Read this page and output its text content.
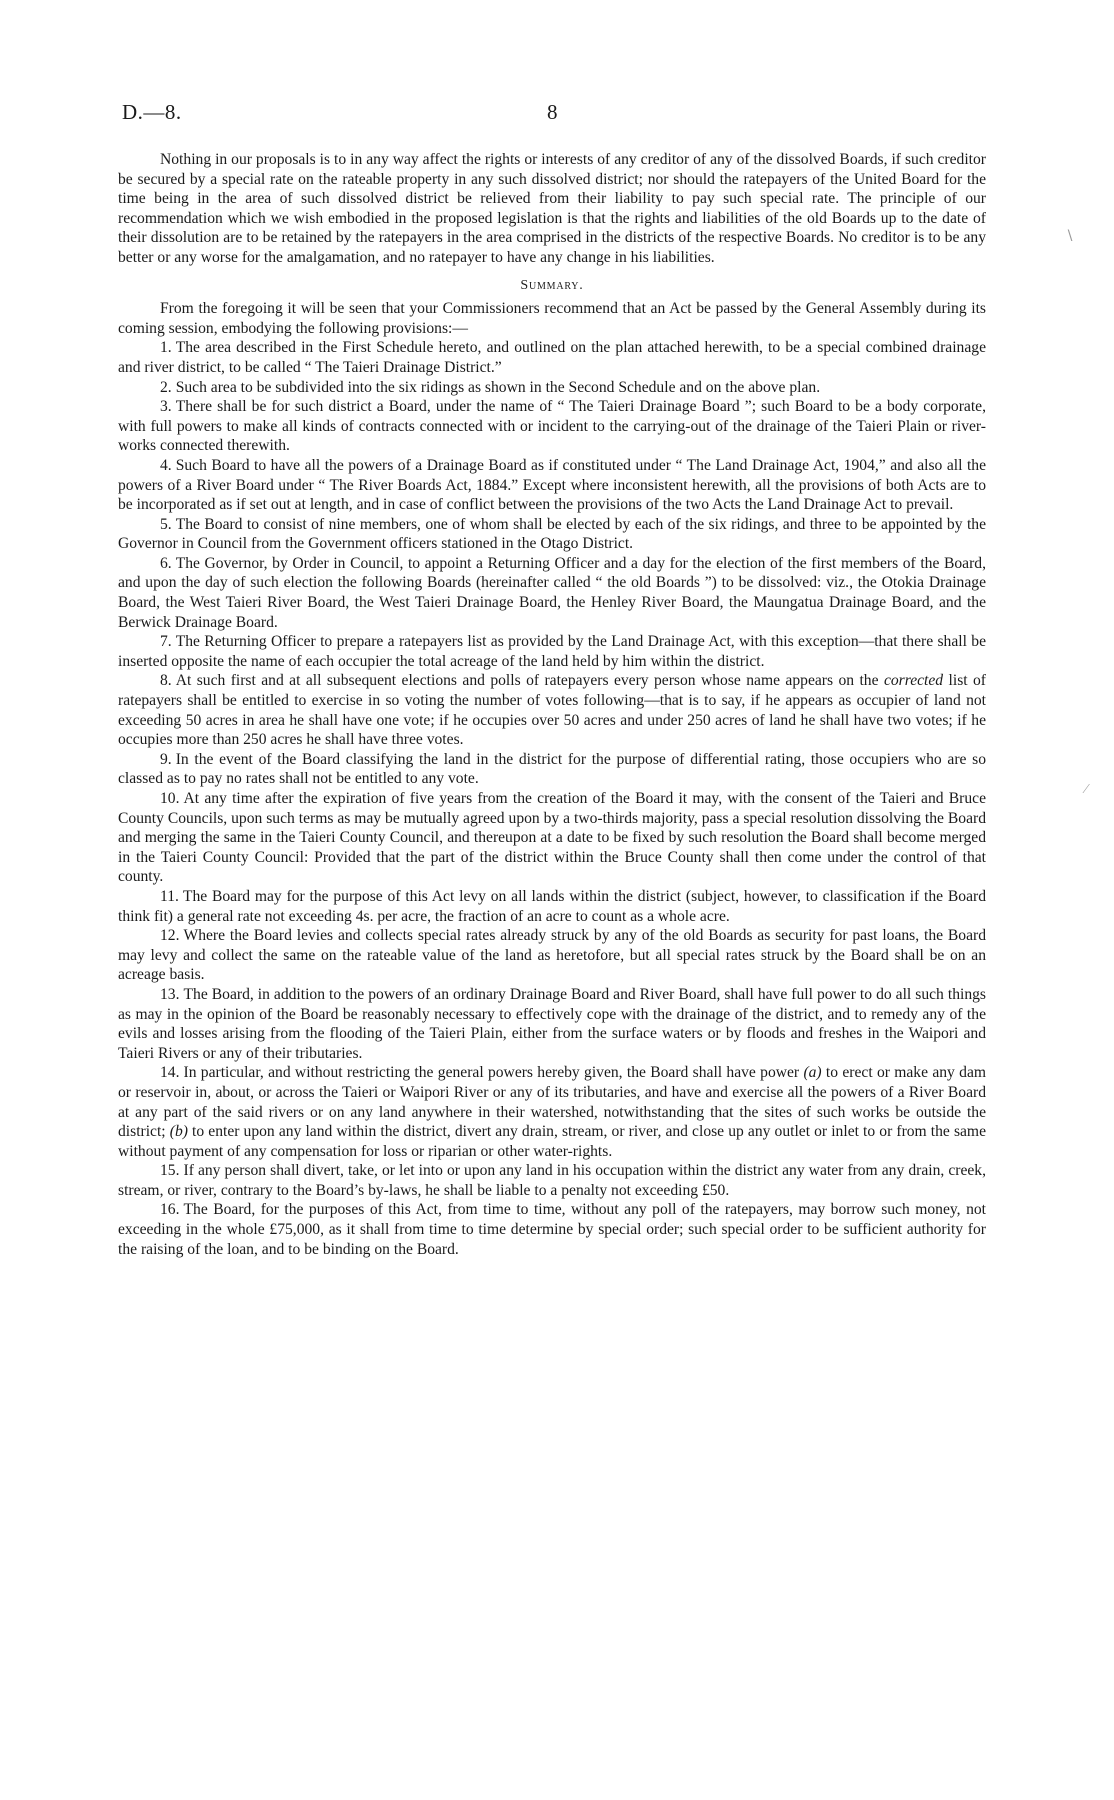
D.—8.	8
∖
⁄

Nothing in our proposals is to in any way affect the rights or interests of any creditor of any of the dissolved Boards, if such creditor be secured by a special rate on the rateable property in any such dissolved district; nor should the ratepayers of the United Board for the time being in the area of such dissolved district be relieved from their liability to pay such special rate. The principle of our recommendation which we wish embodied in the proposed legislation is that the rights and liabilities of the old Boards up to the date of their dissolution are to be retained by the ratepayers in the area comprised in the districts of the respective Boards. No creditor is to be any better or any worse for the amalgamation, and no ratepayer to have any change in his liabilities.

Summary.

From the foregoing it will be seen that your Commissioners recommend that an Act be passed by the General Assembly during its coming session, embodying the following provisions:—

1. The area described in the First Schedule hereto, and outlined on the plan attached herewith, to be a special combined drainage and river district, to be called “ The Taieri Drainage District.”

2. Such area to be subdivided into the six ridings as shown in the Second Schedule and on the above plan.

3. There shall be for such district a Board, under the name of “ The Taieri Drainage Board ”; such Board to be a body corporate, with full powers to make all kinds of contracts connected with or incident to the carrying-out of the drainage of the Taieri Plain or river-works connected therewith.

4. Such Board to have all the powers of a Drainage Board as if constituted under “ The Land Drainage Act, 1904,” and also all the powers of a River Board under “ The River Boards Act, 1884.” Except where inconsistent herewith, all the provisions of both Acts are to be incorporated as if set out at length, and in case of conflict between the provisions of the two Acts the Land Drainage Act to prevail.

5. The Board to consist of nine members, one of whom shall be elected by each of the six ridings, and three to be appointed by the Governor in Council from the Government officers stationed in the Otago District.

6. The Governor, by Order in Council, to appoint a Returning Officer and a day for the election of the first members of the Board, and upon the day of such election the following Boards (hereinafter called “ the old Boards ”) to be dissolved: viz., the Otokia Drainage Board, the West Taieri River Board, the West Taieri Drainage Board, the Henley River Board, the Maungatua Drainage Board, and the Berwick Drainage Board.

7. The Returning Officer to prepare a ratepayers list as provided by the Land Drainage Act, with this exception—that there shall be inserted opposite the name of each occupier the total acreage of the land held by him within the district.

8. At such first and at all subsequent elections and polls of ratepayers every person whose name appears on the corrected list of ratepayers shall be entitled to exercise in so voting the number of votes following—that is to say, if he appears as occupier of land not exceeding 50 acres in area he shall have one vote; if he occupies over 50 acres and under 250 acres of land he shall have two votes; if he occupies more than 250 acres he shall have three votes.

9. In the event of the Board classifying the land in the district for the purpose of differential rating, those occupiers who are so classed as to pay no rates shall not be entitled to any vote.

10. At any time after the expiration of five years from the creation of the Board it may, with the consent of the Taieri and Bruce County Councils, upon such terms as may be mutually agreed upon by a two-thirds majority, pass a special resolution dissolving the Board and merging the same in the Taieri County Council, and thereupon at a date to be fixed by such resolution the Board shall become merged in the Taieri County Council: Provided that the part of the district within the Bruce County shall then come under the control of that county.

11. The Board may for the purpose of this Act levy on all lands within the district (subject, however, to classification if the Board think fit) a general rate not exceeding 4s. per acre, the fraction of an acre to count as a whole acre.

12. Where the Board levies and collects special rates already struck by any of the old Boards as security for past loans, the Board may levy and collect the same on the rateable value of the land as heretofore, but all special rates struck by the Board shall be on an acreage basis.

13. The Board, in addition to the powers of an ordinary Drainage Board and River Board, shall have full power to do all such things as may in the opinion of the Board be reasonably necessary to effectively cope with the drainage of the district, and to remedy any of the evils and losses arising from the flooding of the Taieri Plain, either from the surface waters or by floods and freshes in the Waipori and Taieri Rivers or any of their tributaries.

14. In particular, and without restricting the general powers hereby given, the Board shall have power (a) to erect or make any dam or reservoir in, about, or across the Taieri or Waipori River or any of its tributaries, and have and exercise all the powers of a River Board at any part of the said rivers or on any land anywhere in their watershed, notwithstanding that the sites of such works be outside the district; (b) to enter upon any land within the district, divert any drain, stream, or river, and close up any outlet or inlet to or from the same without payment of any compensation for loss or riparian or other water-rights.

15. If any person shall divert, take, or let into or upon any land in his occupation within the district any water from any drain, creek, stream, or river, contrary to the Board’s by-laws, he shall be liable to a penalty not exceeding £50.

16. The Board, for the purposes of this Act, from time to time, without any poll of the ratepayers, may borrow such money, not exceeding in the whole £75,000, as it shall from time to time determine by special order; such special order to be sufficient authority for the raising of the loan, and to be binding on the Board.
